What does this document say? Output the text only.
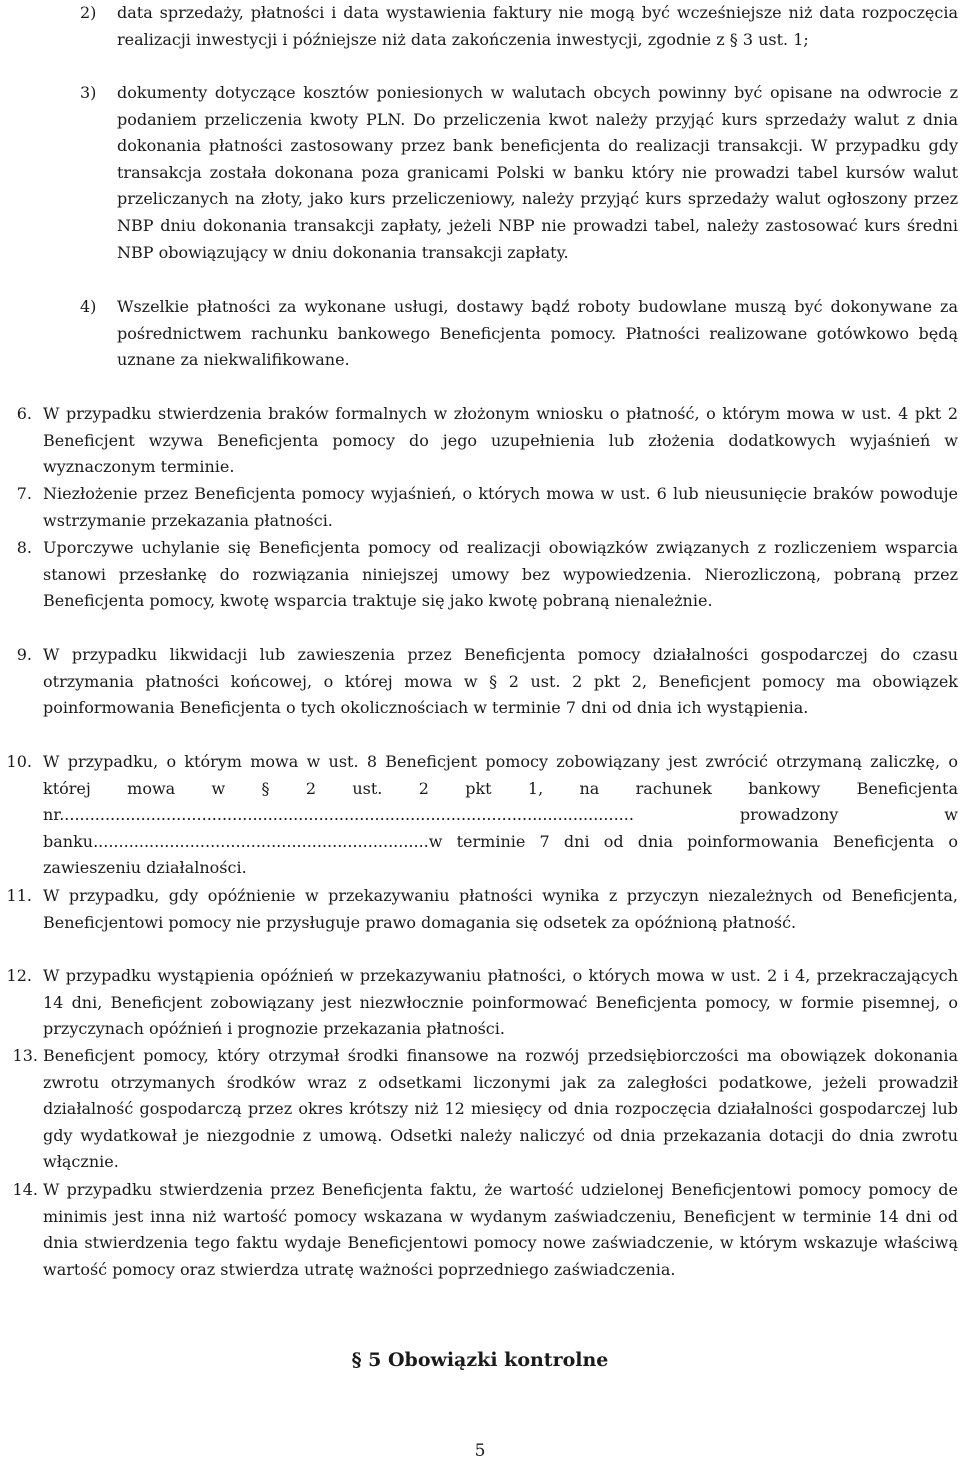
2) data sprzedaży, płatności i data wystawienia faktury nie mogą być wcześniejsze niż data rozpoczęcia realizacji inwestycji i późniejsze niż data zakończenia inwestycji, zgodnie z § 3 ust. 1;
3) dokumenty dotyczące kosztów poniesionych w walutach obcych powinny być opisane na odwrocie z podaniem przeliczenia kwoty PLN. Do przeliczenia kwot należy przyjąć kurs sprzedaży walut z dnia dokonania płatności zastosowany przez bank beneficjenta do realizacji transakcji. W przypadku gdy transakcja została dokonana poza granicami Polski w banku który nie prowadzi tabel kursów walut przeliczanych na złoty, jako kurs przeliczeniowy, należy przyjąć kurs sprzedaży walut ogłoszony przez NBP dniu dokonania transakcji zapłaty, jeżeli NBP nie prowadzi tabel, należy zastosować kurs średni NBP obowiązujący w dniu dokonania transakcji zapłaty.
4) Wszelkie płatności za wykonane usługi, dostawy bądź roboty budowlane muszą być dokonywane za pośrednictwem rachunku bankowego Beneficjenta pomocy. Płatności realizowane gotówkowo będą uznane za niekwalifikowane.
6. W przypadku stwierdzenia braków formalnych w złożonym wniosku o płatność, o którym mowa w ust. 4 pkt 2 Beneficjent wzywa Beneficjenta pomocy do jego uzupełnienia lub złożenia dodatkowych wyjaśnień w wyznaczonym terminie.
7. Niezłożenie przez Beneficjenta pomocy wyjaśnień, o których mowa w ust. 6 lub nieusunięcie braków powoduje wstrzymanie przekazania płatności.
8. Uporczywe uchylanie się Beneficjenta pomocy od realizacji obowiązków związanych z rozliczeniem wsparcia stanowi przesłankę do rozwiązania niniejszej umowy bez wypowiedzenia. Nierozliczoną, pobraną przez Beneficjenta pomocy, kwotę wsparcia traktuje się jako kwotę pobraną nienależnie.
9. W przypadku likwidacji lub zawieszenia przez Beneficjenta pomocy działalności gospodarczej do czasu otrzymania płatności końcowej, o której mowa w § 2 ust. 2 pkt 2, Beneficjent pomocy ma obowiązek poinformowania Beneficjenta o tych okolicznościach w terminie 7 dni od dnia ich wystąpienia.
10. W przypadku, o którym mowa w ust. 8 Beneficjent pomocy zobowiązany jest zwrócić otrzymaną zaliczkę, o której mowa w § 2 ust. 2 pkt 1, na rachunek bankowy Beneficjenta nr................................................................................................................. prowadzony w banku..................................................................w terminie 7 dni od dnia poinformowania Beneficjenta o zawieszeniu działalności.
11. W przypadku, gdy opóźnienie w przekazywaniu płatności wynika z przyczyn niezależnych od Beneficjenta, Beneficjentowi pomocy nie przysługuje prawo domagania się odsetek za opóźnioną płatność.
12. W przypadku wystąpienia opóźnień w przekazywaniu płatności, o których mowa w ust. 2 i 4, przekraczających 14 dni, Beneficjent zobowiązany jest niezwłocznie poinformować Beneficjenta pomocy, w formie pisemnej, o przyczynach opóźnień i prognozie przekazania płatności.
13. Beneficjent pomocy, który otrzymał środki finansowe na rozwój przedsiębiorczości ma obowiązek dokonania zwrotu otrzymanych środków wraz z odsetkami liczonymi jak za zaległości podatkowe, jeżeli prowadził działalność gospodarczą przez okres krótszy niż 12 miesięcy od dnia rozpoczęcia działalności gospodarczej lub gdy wydatkował je niezgodnie z umową. Odsetki należy naliczyć od dnia przekazania dotacji do dnia zwrotu włącznie.
14. W przypadku stwierdzenia przez Beneficjenta faktu, że wartość udzielonej Beneficjentowi pomocy pomocy de minimis jest inna niż wartość pomocy wskazana w wydanym zaświadczeniu, Beneficjent w terminie 14 dni od dnia stwierdzenia tego faktu wydaje Beneficjentowi pomocy nowe zaświadczenie, w którym wskazuje właściwą wartość pomocy oraz stwierdza utratę ważności poprzedniego zaświadczenia.
§ 5 Obowiązki kontrolne
5
